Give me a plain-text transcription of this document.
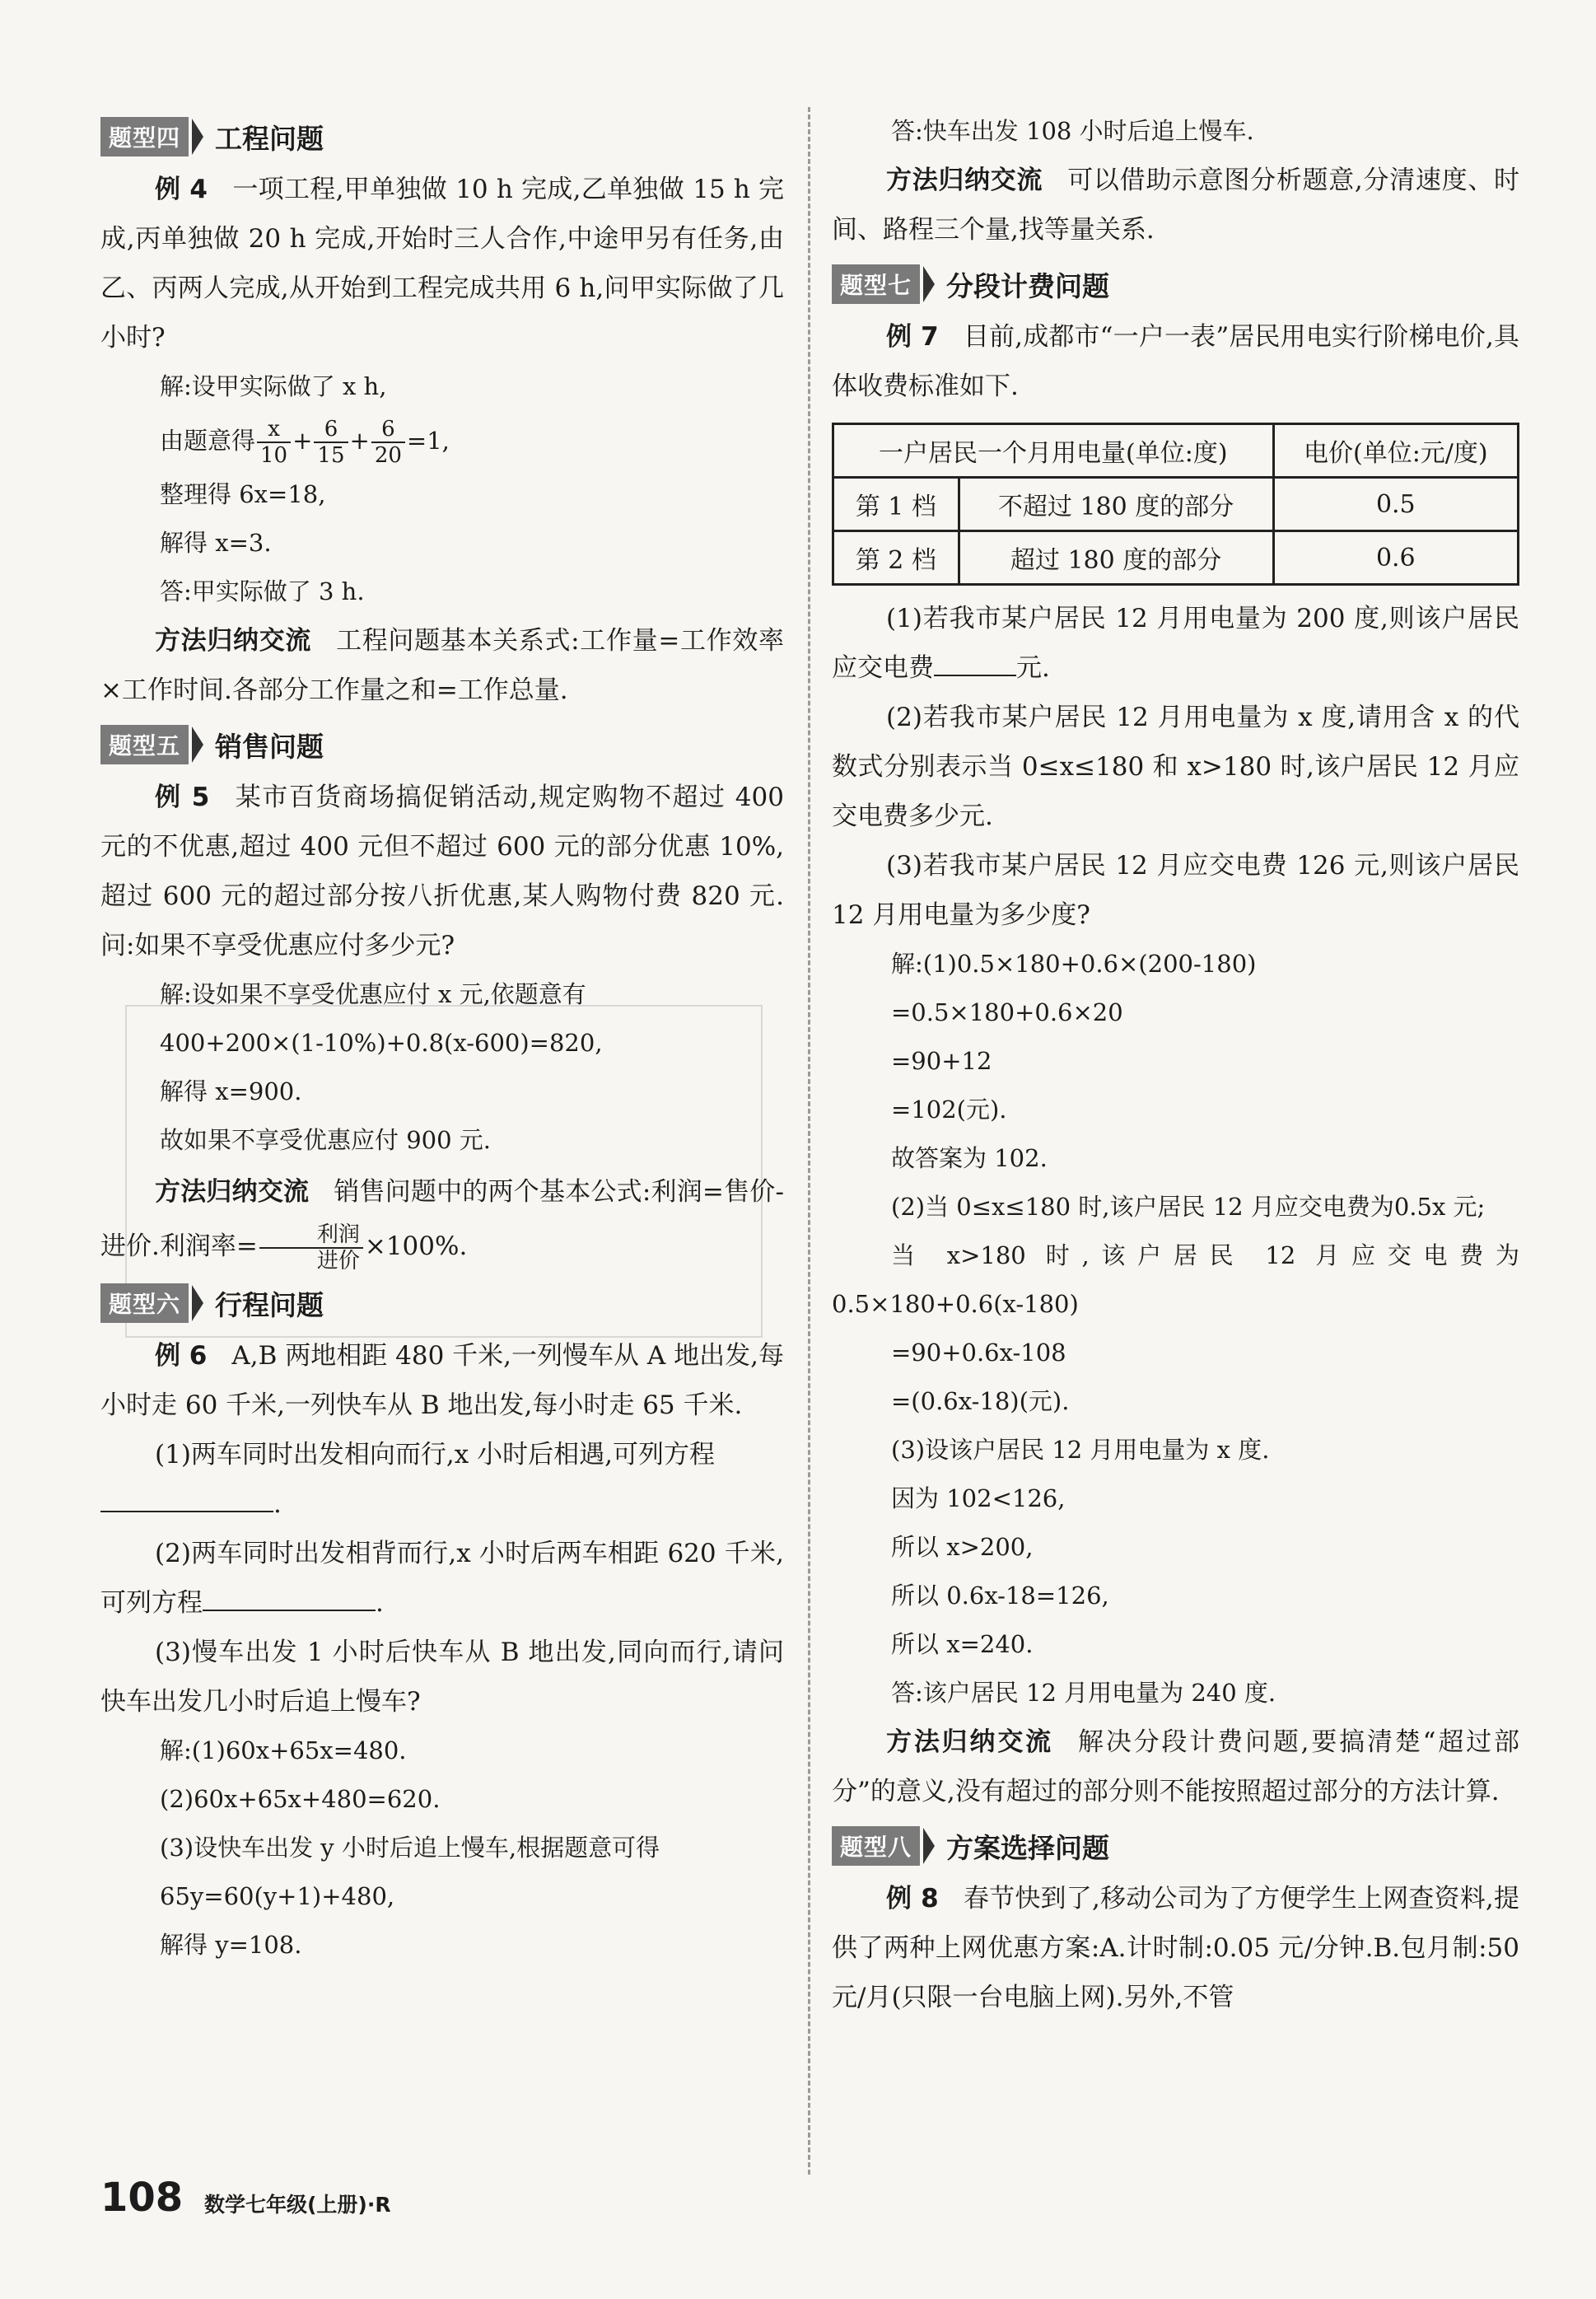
题型四	工程问题

例 4 一项工程,甲单独做 10 h 完成,乙单独做 15 h 完成,丙单独做 20 h 完成,开始时三人合作,中途甲另有任务,由乙、丙两人完成,从开始到工程完成共用 6 h,问甲实际做了几小时?

解:设甲实际做了 x h,

由题意得 $\frac{x}{10} + \frac{6}{15} + \frac{6}{20} =1$,

整理得 6x=18,

解得 x=3.

答:甲实际做了 3 h.

方法归纳交流 工程问题基本关系式:工作量=工作效率×工作时间.各部分工作量之和=工作总量.

题型五	销售问题

例 5 某市百货商场搞促销活动,规定购物不超过 400 元的不优惠,超过 400 元但不超过 600 元的部分优惠 10%,超过 600 元的超过部分按八折优惠,某人购物付费 820 元.问:如果不享受优惠应付多少元?

解:设如果不享受优惠应付 x 元,依题意有

400+200×(1-10%)+0.8(x-600)=820,

解得 x=900.

故如果不享受优惠应付 900 元.

方法归纳交流 销售问题中的两个基本公式:利润=售价-进价.利润率= $\frac{\text{利润}}{\text{进价}} \times 100\%$.

题型六	行程问题

例 6 A,B 两地相距 480 千米,一列慢车从 A 地出发,每小时走 60 千米,一列快车从 B 地出发,每小时走 65 千米.

(1)两车同时出发相向而行,x 小时后相遇,可列方程
.

(2)两车同时出发相背而行,x 小时后两车相距 620 千米,可列方程	.

(3)慢车出发 1 小时后快车从 B 地出发,同向而行,请问快车出发几小时后追上慢车?

解:(1)60x+65x=480.

(2)60x+65x+480=620.

(3)设快车出发 y 小时后追上慢车,根据题意可得

65y=60(y+1)+480,

解得 y=108.

答:快车出发 108 小时后追上慢车.

方法归纳交流 可以借助示意图分析题意,分清速度、时间、路程三个量,找等量关系.

题型七	分段计费问题

例 7 目前,成都市“一户一表”居民用电实行阶梯电价,具体收费标准如下.

一户居民一个月用电量(单位:度)		电价(单位:元/度)
第 1 档	不超过 180 度的部分	0.5
第 2 档	超过 180 度的部分	0.6

(1)若我市某户居民 12 月用电量为 200 度,则该户居民应交电费	元.

(2)若我市某户居民 12 月用电量为 x 度,请用含 x 的代数式分别表示当 0≤x≤180 和 x>180 时,该户居民 12 月应交电费多少元.

(3)若我市某户居民 12 月应交电费 126 元,则该户居民 12 月用电量为多少度?

解:(1)0.5×180+0.6×(200-180)

=0.5×180+0.6×20

=90+12

=102(元).

故答案为 102.

(2)当 0≤x≤180 时,该户居民 12 月应交电费为0.5x 元;

当 x>180 时,该户居民 12 月应交电费为 0.5×180+0.6(x-180)

=90+0.6x-108

=(0.6x-18)(元).

(3)设该户居民 12 月用电量为 x 度.

因为 102<126,

所以 x>200,

所以 0.6x-18=126,

所以 x=240.

答:该户居民 12 月用电量为 240 度.

方法归纳交流 解决分段计费问题,要搞清楚“超过部分”的意义,没有超过的部分则不能按照超过部分的方法计算.

题型八	方案选择问题

例 8 春节快到了,移动公司为了方便学生上网查资料,提供了两种上网优惠方案:A.计时制:0.05 元/分钟.B.包月制:50 元/月(只限一台电脑上网).另外,不管

108 数学七年级(上册)·R
